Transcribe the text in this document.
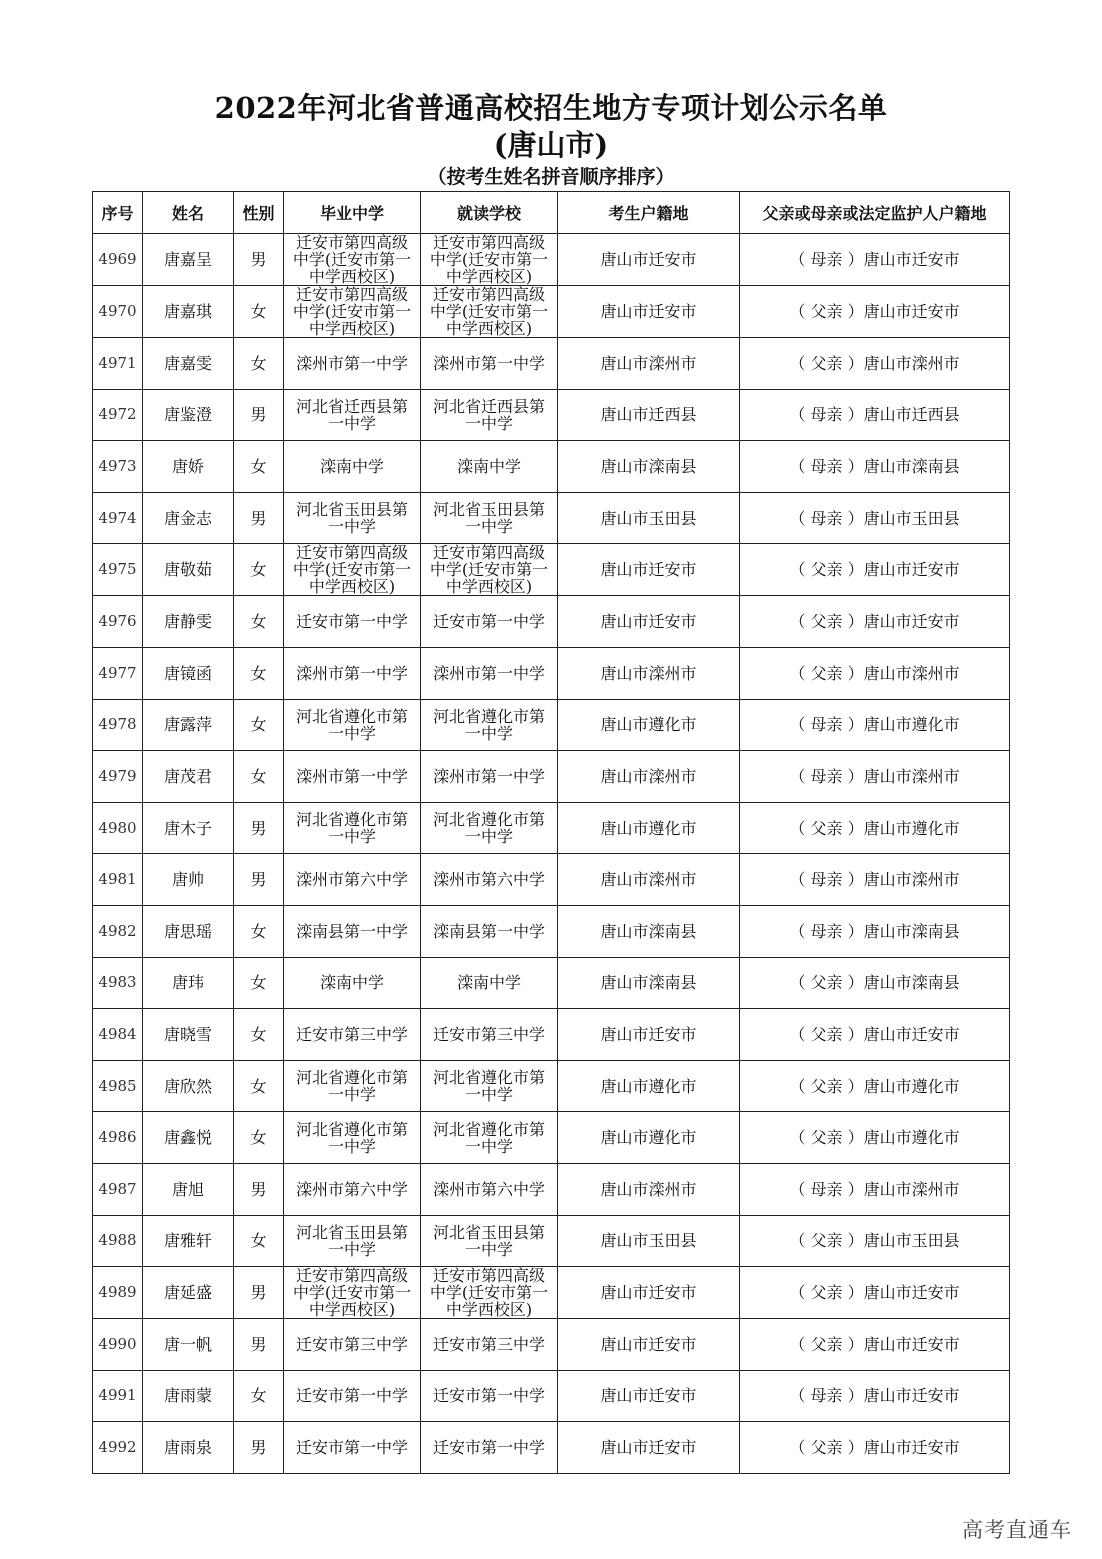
2022年河北省普通高校招生地方专项计划公示名单
(唐山市)
（按考生姓名拼音顺序排序）
序号	姓名	性别	毕业中学	就读学校	考生户籍地	父亲或母亲或法定监护人户籍地
4969	唐嘉呈	男	迁安市第四高级中学(迁安市第一中学西校区)	迁安市第四高级中学(迁安市第一中学西校区)	唐山市迁安市	（ 母亲 ）唐山市迁安市
4970	唐嘉琪	女	迁安市第四高级中学(迁安市第一中学西校区)	迁安市第四高级中学(迁安市第一中学西校区)	唐山市迁安市	（ 父亲 ）唐山市迁安市
4971	唐嘉雯	女	滦州市第一中学	滦州市第一中学	唐山市滦州市	（ 父亲 ）唐山市滦州市
4972	唐鉴澄	男	河北省迁西县第一中学	河北省迁西县第一中学	唐山市迁西县	（ 母亲 ）唐山市迁西县
4973	唐娇	女	滦南中学	滦南中学	唐山市滦南县	（ 母亲 ）唐山市滦南县
4974	唐金志	男	河北省玉田县第一中学	河北省玉田县第一中学	唐山市玉田县	（ 母亲 ）唐山市玉田县
4975	唐敬茹	女	迁安市第四高级中学(迁安市第一中学西校区)	迁安市第四高级中学(迁安市第一中学西校区)	唐山市迁安市	（ 父亲 ）唐山市迁安市
4976	唐静雯	女	迁安市第一中学	迁安市第一中学	唐山市迁安市	（ 父亲 ）唐山市迁安市
4977	唐镜函	女	滦州市第一中学	滦州市第一中学	唐山市滦州市	（ 父亲 ）唐山市滦州市
4978	唐露萍	女	河北省遵化市第一中学	河北省遵化市第一中学	唐山市遵化市	（ 母亲 ）唐山市遵化市
4979	唐茂君	女	滦州市第一中学	滦州市第一中学	唐山市滦州市	（ 母亲 ）唐山市滦州市
4980	唐木子	男	河北省遵化市第一中学	河北省遵化市第一中学	唐山市遵化市	（ 父亲 ）唐山市遵化市
4981	唐帅	男	滦州市第六中学	滦州市第六中学	唐山市滦州市	（ 母亲 ）唐山市滦州市
4982	唐思瑶	女	滦南县第一中学	滦南县第一中学	唐山市滦南县	（ 母亲 ）唐山市滦南县
4983	唐玮	女	滦南中学	滦南中学	唐山市滦南县	（ 父亲 ）唐山市滦南县
4984	唐晓雪	女	迁安市第三中学	迁安市第三中学	唐山市迁安市	（ 父亲 ）唐山市迁安市
4985	唐欣然	女	河北省遵化市第一中学	河北省遵化市第一中学	唐山市遵化市	（ 父亲 ）唐山市遵化市
4986	唐鑫悦	女	河北省遵化市第一中学	河北省遵化市第一中学	唐山市遵化市	（ 父亲 ）唐山市遵化市
4987	唐旭	男	滦州市第六中学	滦州市第六中学	唐山市滦州市	（ 母亲 ）唐山市滦州市
4988	唐雅轩	女	河北省玉田县第一中学	河北省玉田县第一中学	唐山市玉田县	（ 父亲 ）唐山市玉田县
4989	唐延盛	男	迁安市第四高级中学(迁安市第一中学西校区)	迁安市第四高级中学(迁安市第一中学西校区)	唐山市迁安市	（ 父亲 ）唐山市迁安市
4990	唐一帆	男	迁安市第三中学	迁安市第三中学	唐山市迁安市	（ 父亲 ）唐山市迁安市
4991	唐雨蒙	女	迁安市第一中学	迁安市第一中学	唐山市迁安市	（ 母亲 ）唐山市迁安市
4992	唐雨泉	男	迁安市第一中学	迁安市第一中学	唐山市迁安市	（ 父亲 ）唐山市迁安市
高考直通车
